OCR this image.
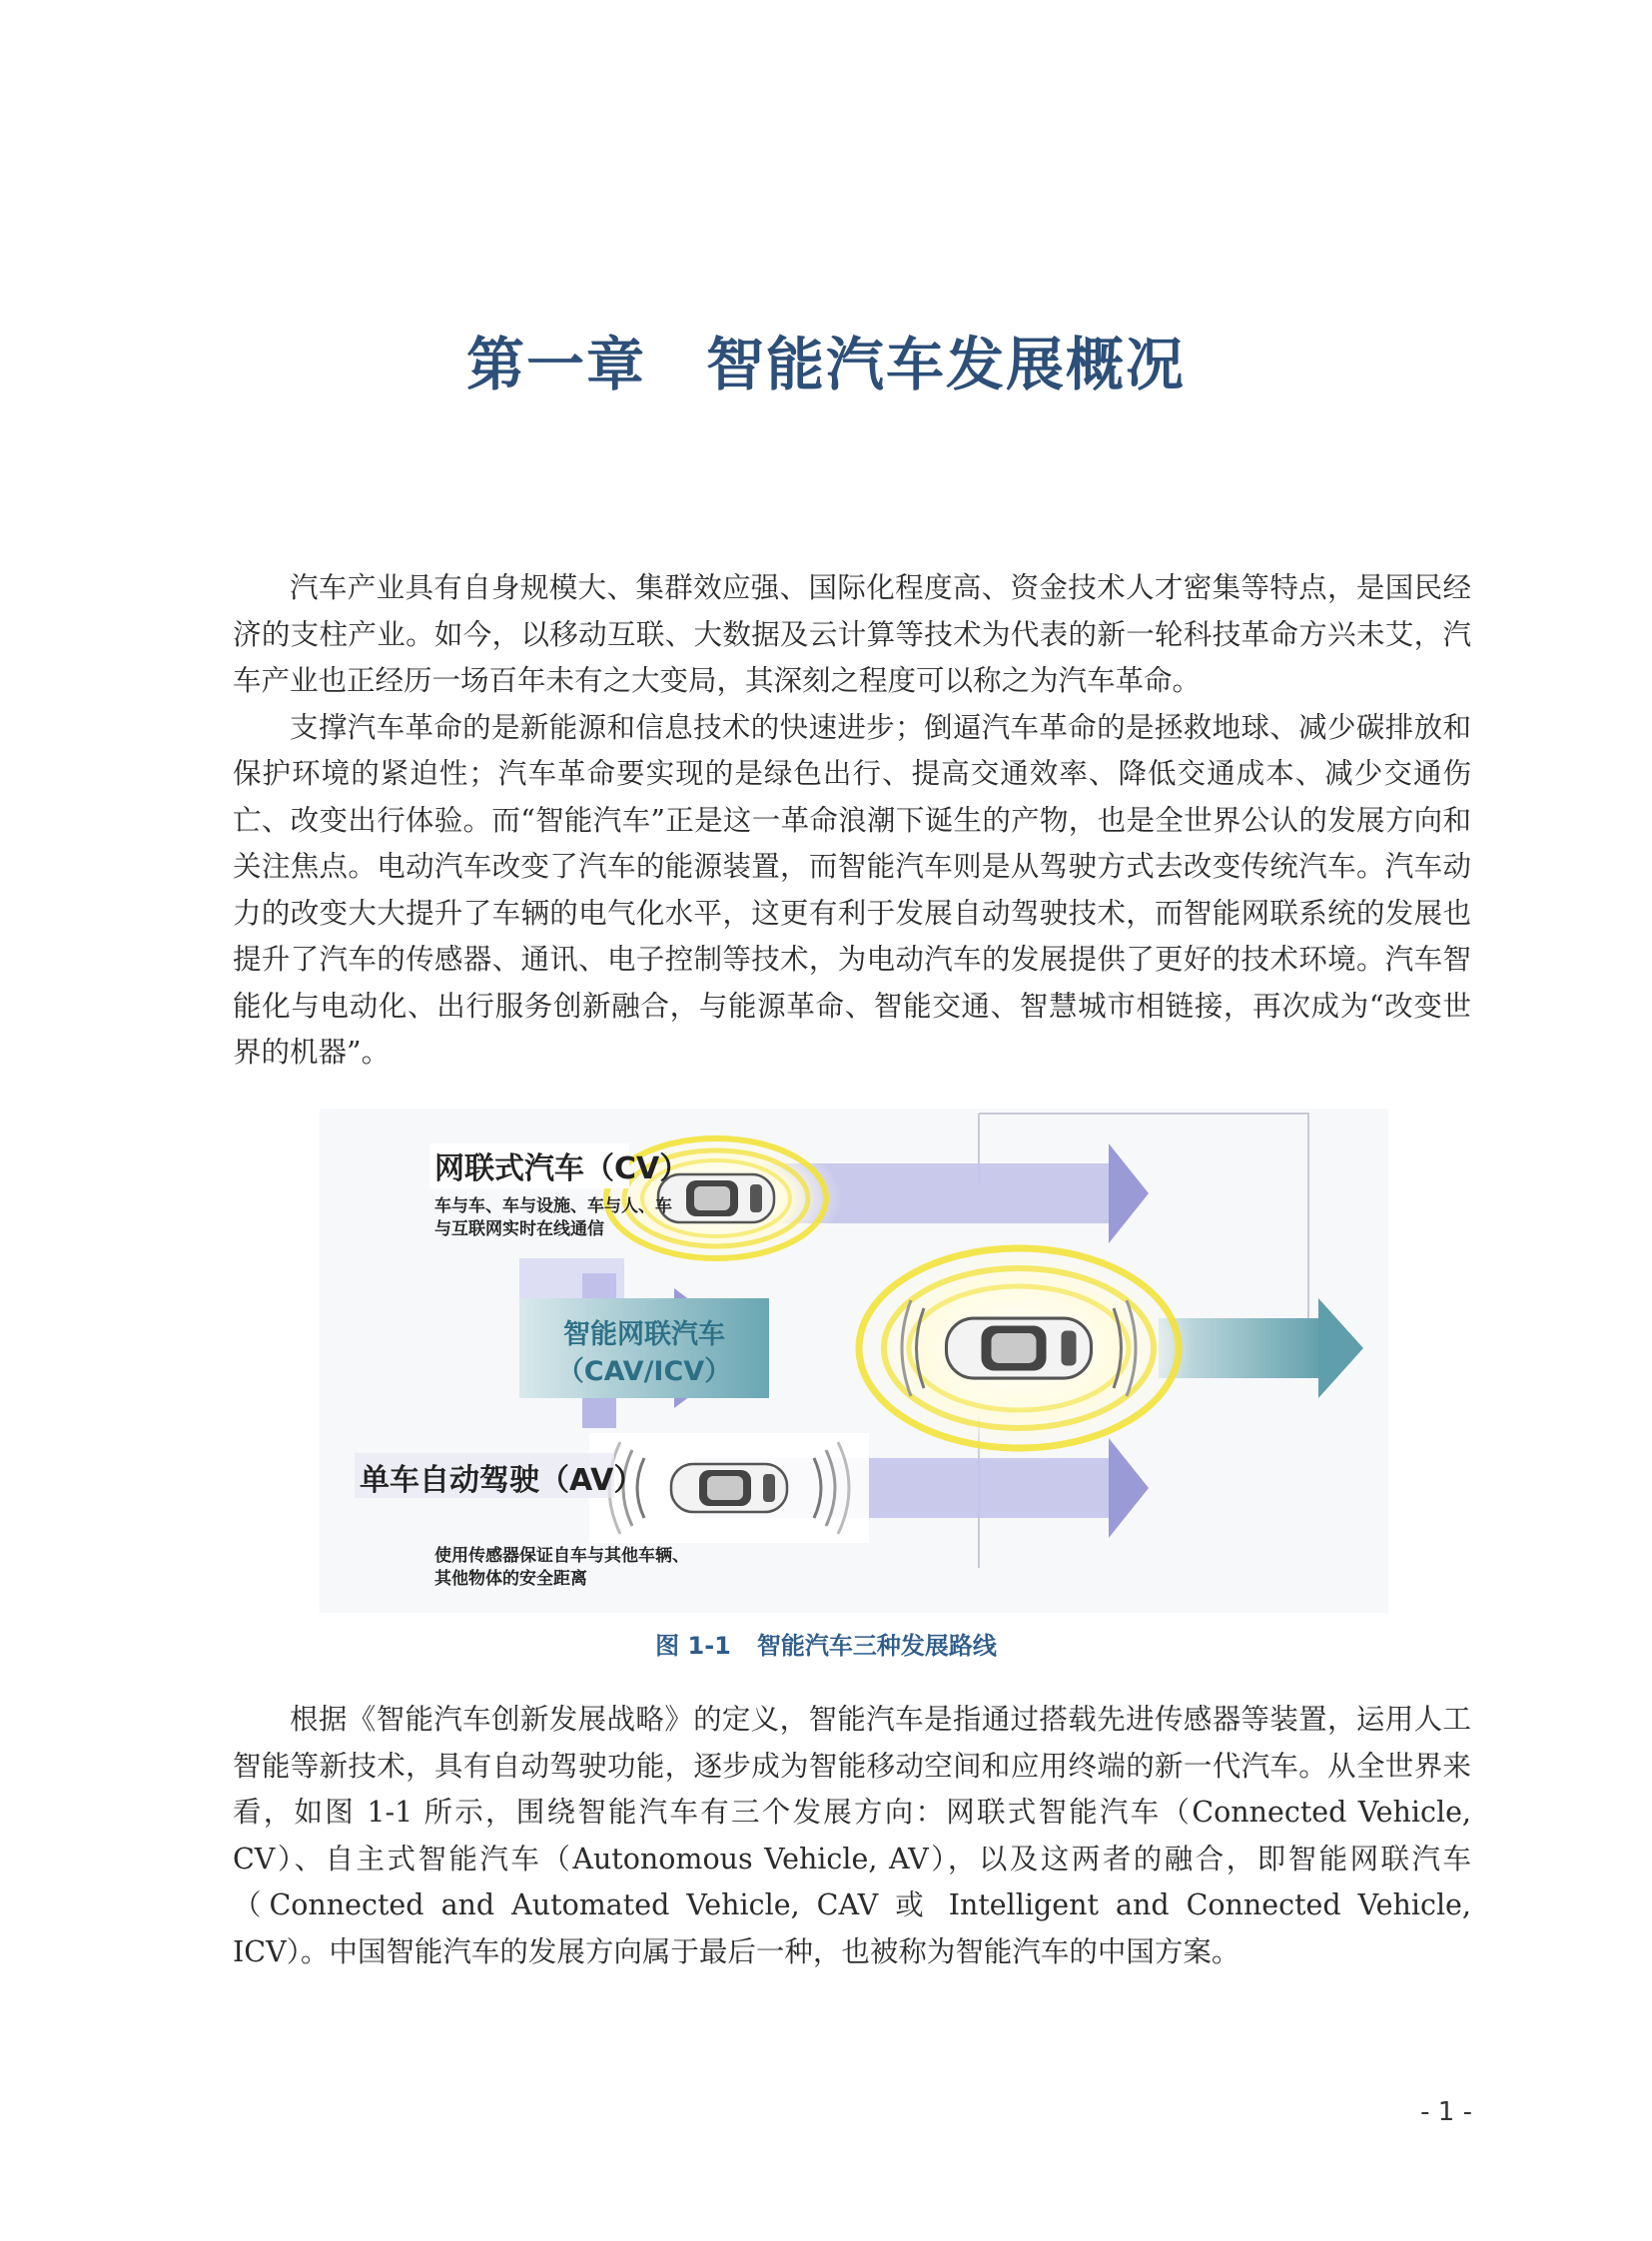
第一章 智能汽车发展概况

汽车产业具有自身规模大、集群效应强、国际化程度高、资金技术人才密集等特点，是国民经济的支柱产业。如今，以移动互联、大数据及云计算等技术为代表的新一轮科技革命方兴未艾，汽车产业也正经历一场百年未有之大变局，其深刻之程度可以称之为汽车革命。

支撑汽车革命的是新能源和信息技术的快速进步；倒逼汽车革命的是拯救地球、减少碳排放和保护环境的紧迫性；汽车革命要实现的是绿色出行、提高交通效率、降低交通成本、减少交通伤亡、改变出行体验。而“智能汽车”正是这一革命浪潮下诞生的产物，也是全世界公认的发展方向和关注焦点。电动汽车改变了汽车的能源装置，而智能汽车则是从驾驶方式去改变传统汽车。汽车动力的改变大大提升了车辆的电气化水平，这更有利于发展自动驾驶技术，而智能网联系统的发展也提升了汽车的传感器、通讯、电子控制等技术，为电动汽车的发展提供了更好的技术环境。汽车智能化与电动化、出行服务创新融合，与能源革命、智能交通、智慧城市相链接，再次成为“改变世界的机器”。

网联式汽车（CV）
车与车、车与设施、车与人、车
与互联网实时在线通信
智能网联汽车
（CAV/ICV）
单车自动驾驶（AV）
使用传感器保证自车与其他车辆、
其他物体的安全距离
图 1-1 智能汽车三种发展路线

根据《智能汽车创新发展战略》的定义，智能汽车是指通过搭载先进传感器等装置，运用人工智能等新技术，具有自动驾驶功能，逐步成为智能移动空间和应用终端的新一代汽车。从全世界来看，如图 1-1 所示，围绕智能汽车有三个发展方向：网联式智能汽车（Connected Vehicle, CV）、自主式智能汽车（Autonomous Vehicle, AV），以及这两者的融合，即智能网联汽车（Connected and Automated Vehicle, CAV 或 Intelligent and Connected Vehicle, ICV）。中国智能汽车的发展方向属于最后一种，也被称为智能汽车的中国方案。

- 1 -
